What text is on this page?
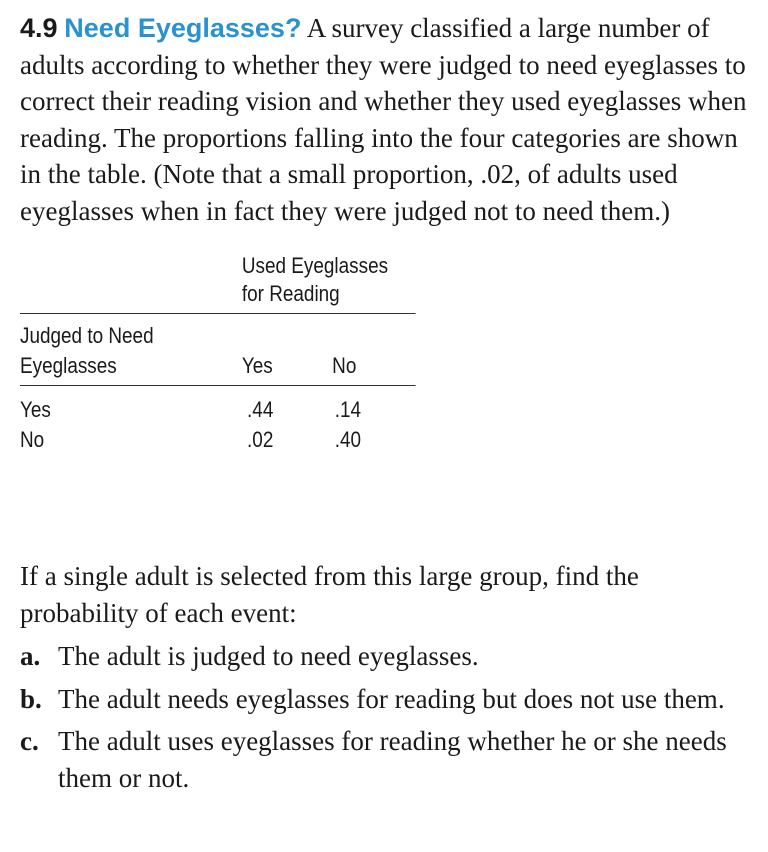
4.9 Need Eyeglasses? A survey classified a large number of adults according to whether they were judged to need eyeglasses to correct their reading vision and whether they used eyeglasses when reading. The proportions falling into the four categories are shown in the table. (Note that a small proportion, .02, of adults used eyeglasses when in fact they were judged not to need them.)

Used Eyeglasses
for Reading
Judged to Need
Eyeglasses	Yes	No
Yes	.44	.14
No	.02	.40

If a single adult is selected from this large group, find the probability of each event:

a. The adult is judged to need eyeglasses.
b. The adult needs eyeglasses for reading but does not use them.
c. The adult uses eyeglasses for reading whether he or she needs them or not.
